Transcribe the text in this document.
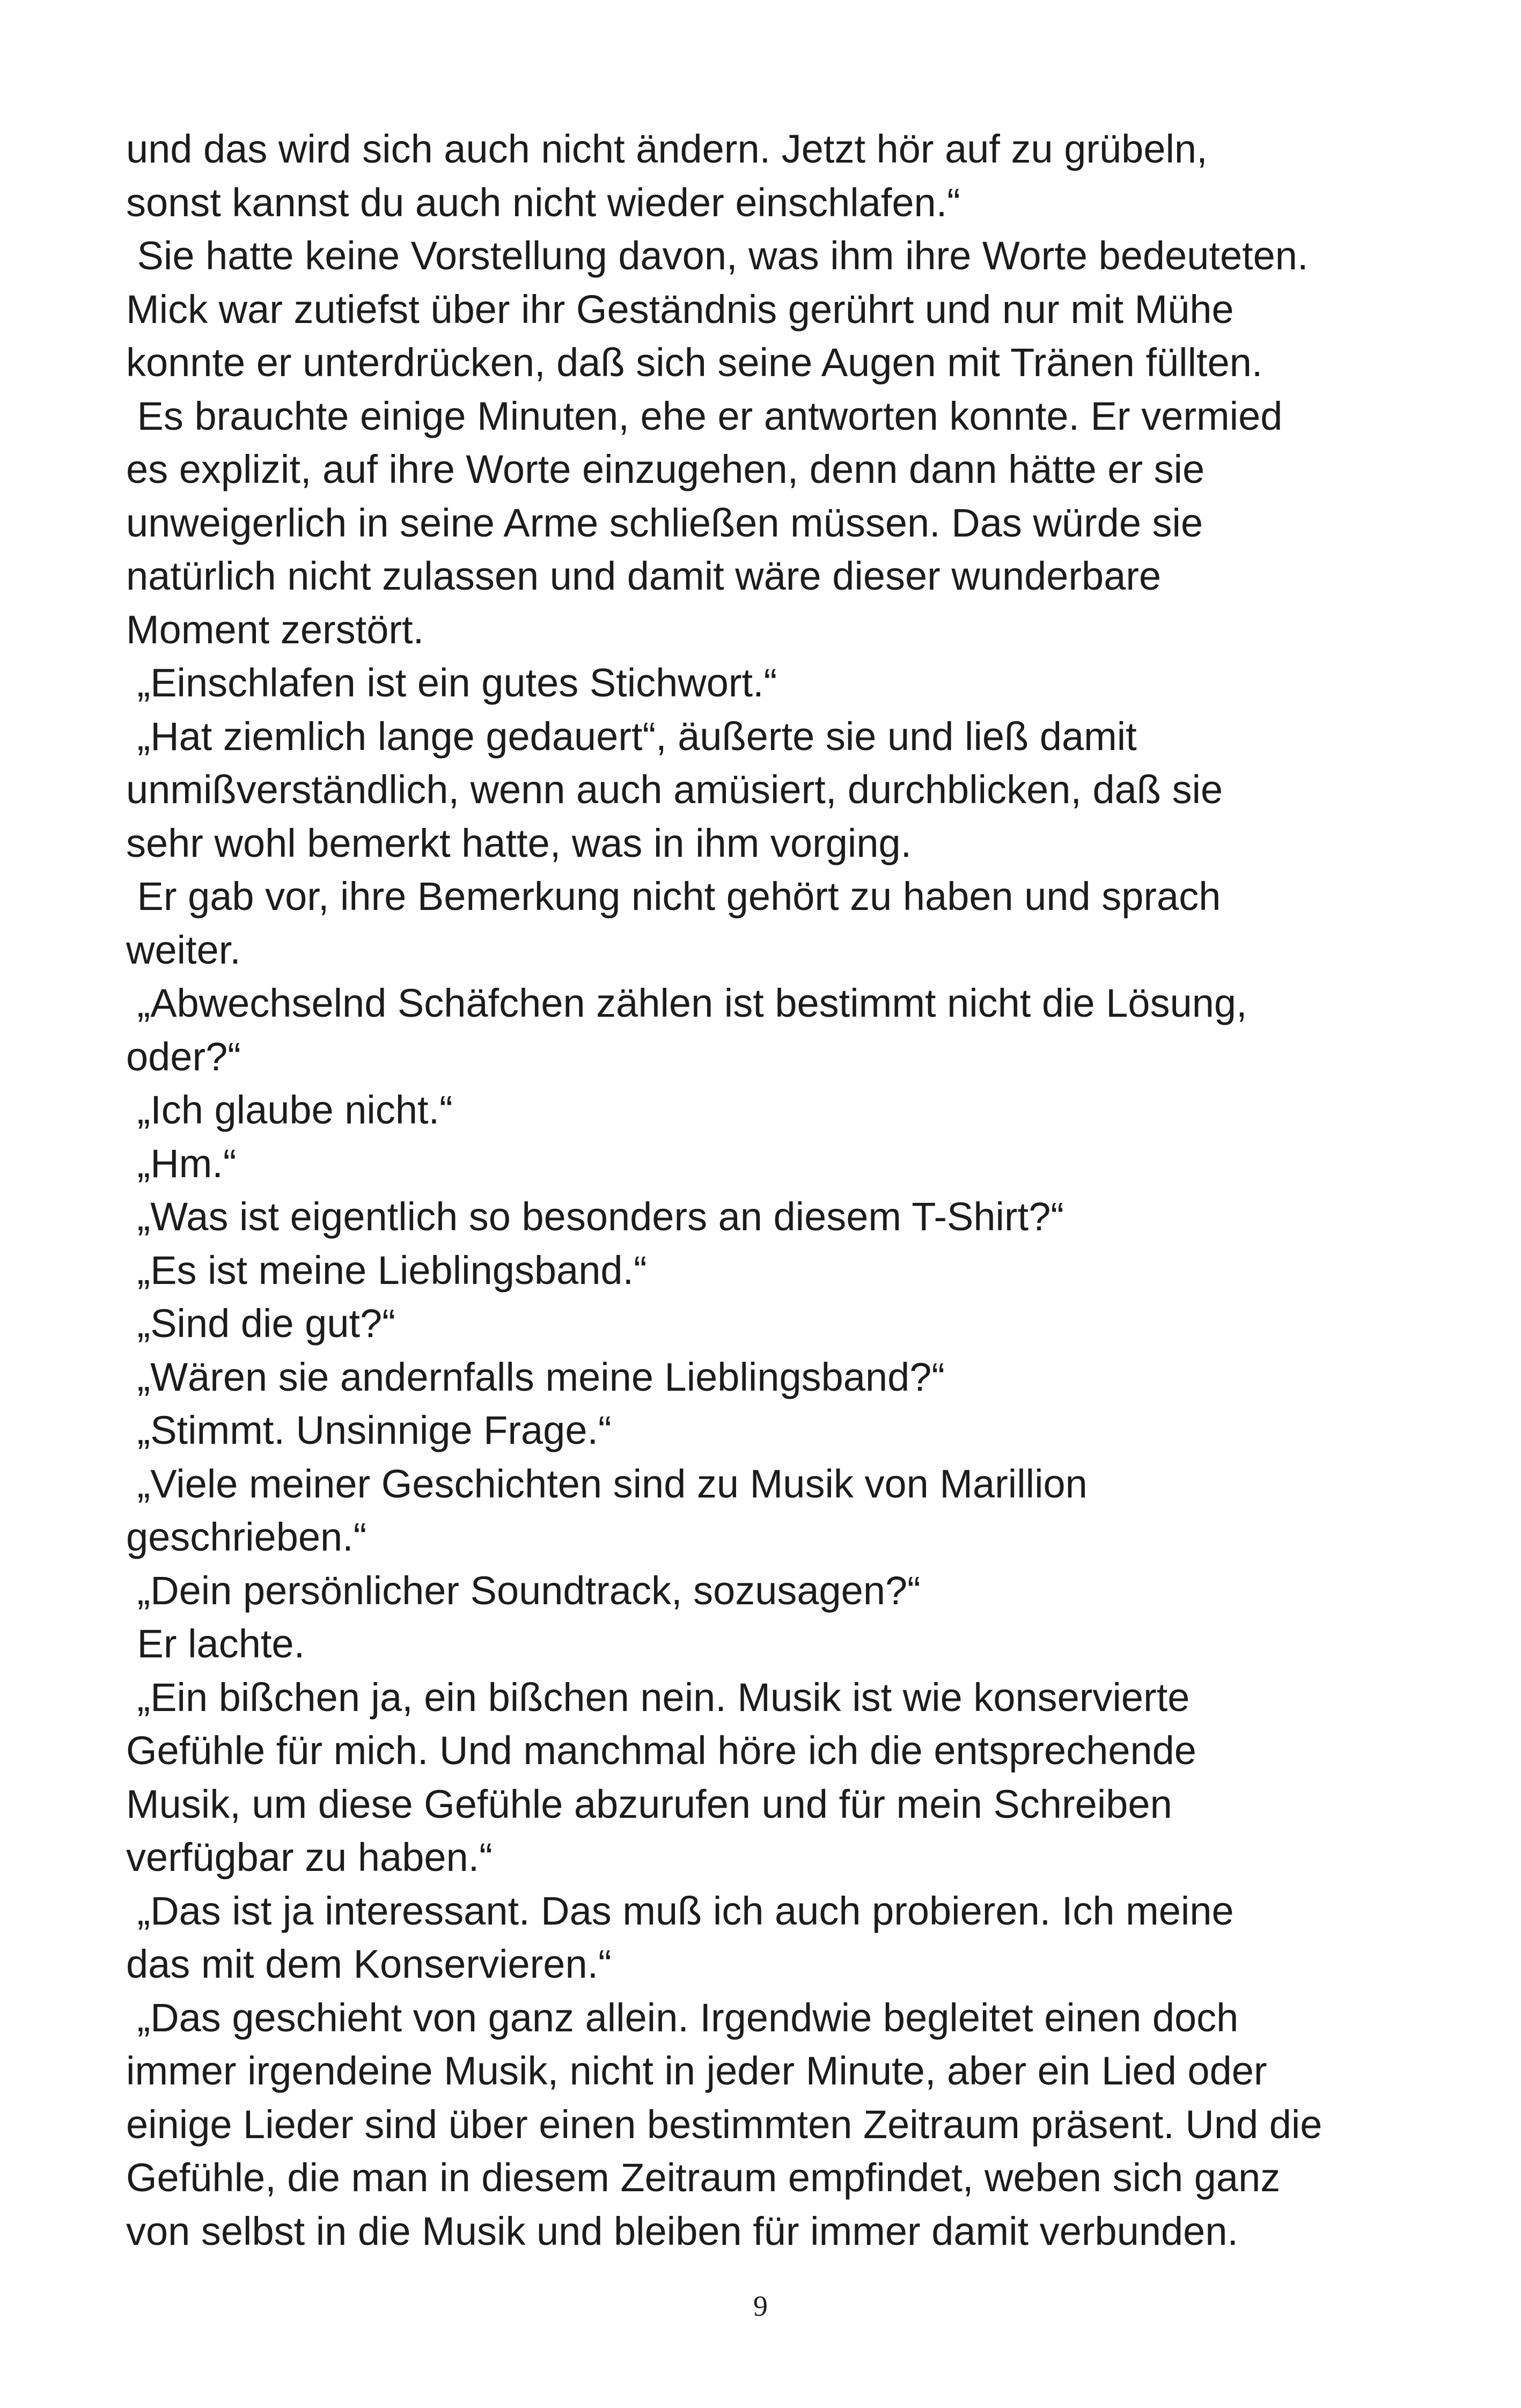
und das wird sich auch nicht ändern. Jetzt hör auf zu grübeln,
sonst kannst du auch nicht wieder einschlafen.“
Sie hatte keine Vorstellung davon, was ihm ihre Worte bedeuteten.
Mick war zutiefst über ihr Geständnis gerührt und nur mit Mühe
konnte er unterdrücken, daß sich seine Augen mit Tränen füllten.
Es brauchte einige Minuten, ehe er antworten konnte. Er vermied
es explizit, auf ihre Worte einzugehen, denn dann hätte er sie
unweigerlich in seine Arme schließen müssen. Das würde sie
natürlich nicht zulassen und damit wäre dieser wunderbare
Moment zerstört.
„Einschlafen ist ein gutes Stichwort.“
„Hat ziemlich lange gedauert“, äußerte sie und ließ damit
unmißverständlich, wenn auch amüsiert, durchblicken, daß sie
sehr wohl bemerkt hatte, was in ihm vorging.
Er gab vor, ihre Bemerkung nicht gehört zu haben und sprach
weiter.
„Abwechselnd Schäfchen zählen ist bestimmt nicht die Lösung,
oder?“
„Ich glaube nicht.“
„Hm.“
„Was ist eigentlich so besonders an diesem T-Shirt?“
„Es ist meine Lieblingsband.“
„Sind die gut?“
„Wären sie andernfalls meine Lieblingsband?“
„Stimmt. Unsinnige Frage.“
„Viele meiner Geschichten sind zu Musik von Marillion
geschrieben.“
„Dein persönlicher Soundtrack, sozusagen?“
Er lachte.
„Ein bißchen ja, ein bißchen nein. Musik ist wie konservierte
Gefühle für mich. Und manchmal höre ich die entsprechende
Musik, um diese Gefühle abzurufen und für mein Schreiben
verfügbar zu haben.“
„Das ist ja interessant. Das muß ich auch probieren. Ich meine
das mit dem Konservieren.“
„Das geschieht von ganz allein. Irgendwie begleitet einen doch
immer irgendeine Musik, nicht in jeder Minute, aber ein Lied oder
einige Lieder sind über einen bestimmten Zeitraum präsent. Und die
Gefühle, die man in diesem Zeitraum empfindet, weben sich ganz
von selbst in die Musik und bleiben für immer damit verbunden.
9
